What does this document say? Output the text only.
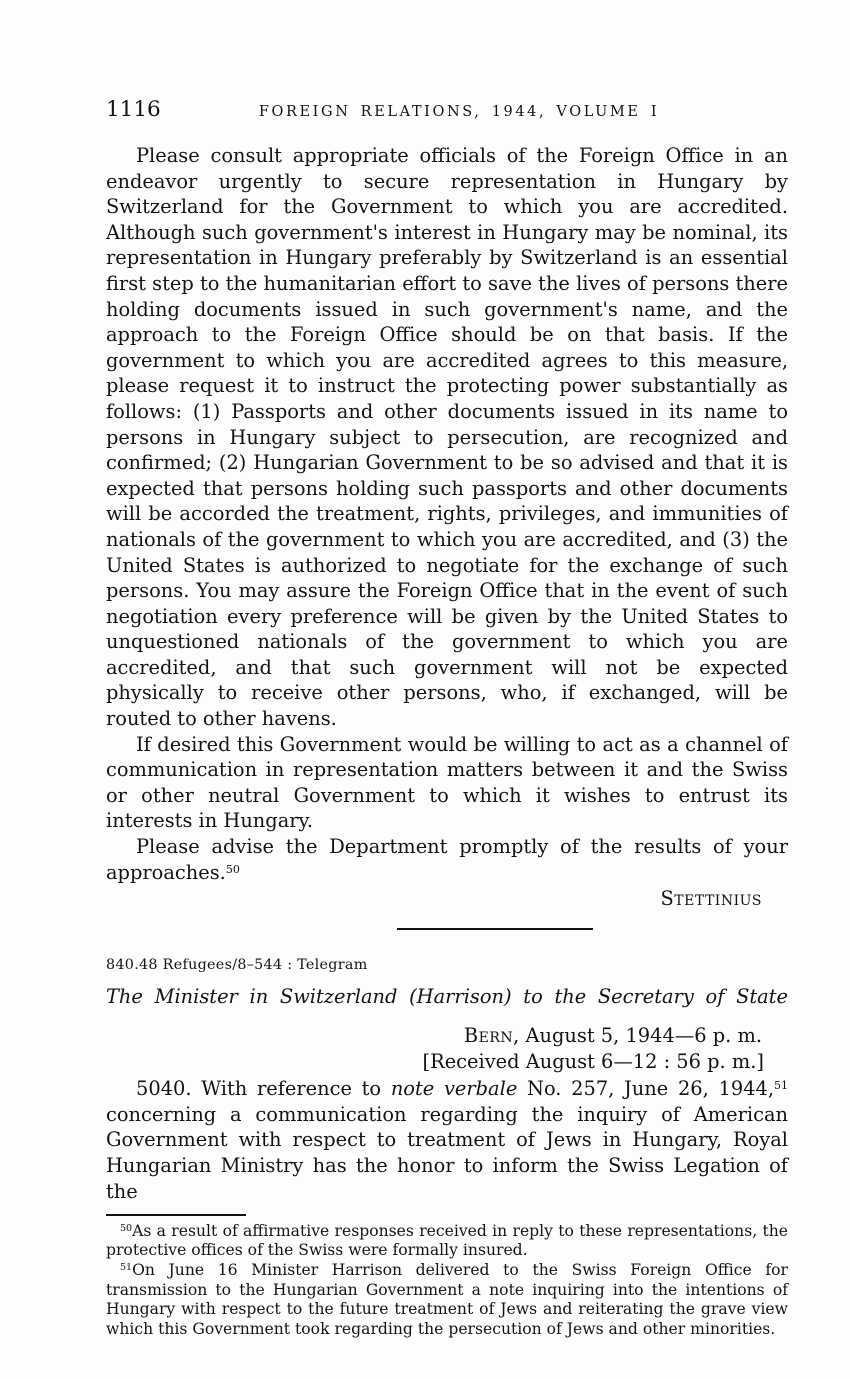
1116	FOREIGN RELATIONS, 1944, VOLUME I

Please consult appropriate officials of the Foreign Office in an endeavor urgently to secure representation in Hungary by Switzerland for the Government to which you are accredited. Although such government's interest in Hungary may be nominal, its representation in Hungary preferably by Switzerland is an essential first step to the humanitarian effort to save the lives of persons there holding documents issued in such government's name, and the approach to the Foreign Office should be on that basis. If the government to which you are accredited agrees to this measure, please request it to instruct the protecting power substantially as follows: (1) Passports and other documents issued in its name to persons in Hungary subject to persecution, are recognized and confirmed; (2) Hungarian Government to be so advised and that it is expected that persons holding such passports and other documents will be accorded the treatment, rights, privileges, and immunities of nationals of the government to which you are accredited, and (3) the United States is authorized to negotiate for the exchange of such persons. You may assure the Foreign Office that in the event of such negotiation every preference will be given by the United States to unquestioned nationals of the government to which you are accredited, and that such government will not be expected physically to receive other persons, who, if exchanged, will be routed to other havens.

If desired this Government would be willing to act as a channel of communication in representation matters between it and the Swiss or other neutral Government to which it wishes to entrust its interests in Hungary.

Please advise the Department promptly of the results of your approaches.$^{50}$

Stettinius

840.48 Refugees/8–544 : Telegram

The Minister in Switzerland (Harrison) to the Secretary of State

Bern, August 5, 1944—6 p. m.
[Received August 6—12 : 56 p. m.]

5040. With reference to note verbale No. 257, June 26, 1944,51 concerning a communication regarding the inquiry of American Government with respect to treatment of Jews in Hungary, Royal Hungarian Ministry has the honor to inform the Swiss Legation of the

$^{50}$As a result of affirmative responses received in reply to these representations, the protective offices of the Swiss were formally insured.

$^{51}$On June 16 Minister Harrison delivered to the Swiss Foreign Office for transmission to the Hungarian Government a note inquiring into the intentions of Hungary with respect to the future treatment of Jews and reiterating the grave view which this Government took regarding the persecution of Jews and other minorities.
